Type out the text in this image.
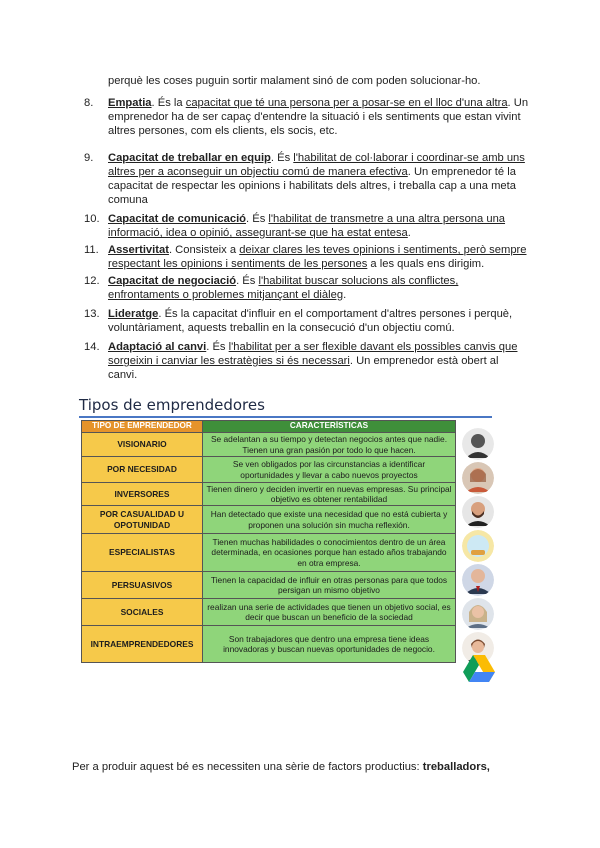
perquè les coses puguin sortir malament sinó de com poden solucionar-ho.

8.	Empatia. És la capacitat que té una persona per a posar-se en el lloc d'una altra. Un emprenedor ha de ser capaç d'entendre la situació i els sentiments que estan vivint altres persones, com els clients, els socis, etc.
9.	Capacitat de treballar en equip. És l'habilitat de col·laborar i coordinar-se amb uns altres per a aconseguir un objectiu comú de manera efectiva. Un emprenedor té la capacitat de respectar les opinions i habilitats dels altres, i treballa cap a una meta comuna
10. Capacitat de comunicació. És l'habilitat de transmetre a una altra persona una informació, idea o opinió, assegurant-se que ha estat entesa.
11. Assertivitat. Consisteix a deixar clares les teves opinions i sentiments, però sempre respectant les opinions i sentiments de les persones a les quals ens dirigim.
12. Capacitat de negociació. És l'habilitat buscar solucions als conflictes, enfrontaments o problemes mitjançant el diàleg.
13. Lideratge. És la capacitat d'influir en el comportament d'altres persones i perquè, voluntàriament, aquests treballin en la consecució d'un objectiu comú.
14. Adaptació al canvi. És l'habilitat per a ser flexible davant els possibles canvis que sorgeixin i canviar les estratègies si és necessari. Un emprenedor està obert al canvi.
Tipos de emprendedores
TIPO DE EMPRENDEDOR	CARACTERÍSTICAS
VISIONARIO	Se adelantan a su tiempo y detectan negocios antes que nadie. Tienen una gran pasión por todo lo que hacen.
POR NECESIDAD	Se ven obligados por las circunstancias a identificar oportunidades y llevar a cabo nuevos proyectos
INVERSORES	Tienen dinero y deciden invertir en nuevas empresas. Su principal objetivo es obtener rentabilidad
POR CASUALIDAD U OPOTUNIDAD	Han detectado que existe una necesidad que no está cubierta y proponen una solución sin mucha reflexión.
ESPECIALISTAS	Tienen muchas habilidades o conocimientos dentro de un área determinada, en ocasiones porque han estado años trabajando en otra empresa.
PERSUASIVOS	Tienen la capacidad de influir en otras personas para que todos persigan un mismo objetivo
SOCIALES	realizan una serie de actividades que tienen un objetivo social, es decir que buscan un beneficio de la sociedad
INTRAEMPRENDEDORES	Son trabajadores que dentro una empresa tiene ideas innovadoras y buscan nuevas oportunidades de negocio.

Per a produir aquest bé es necessiten una sèrie de factors productius: treballadors,
